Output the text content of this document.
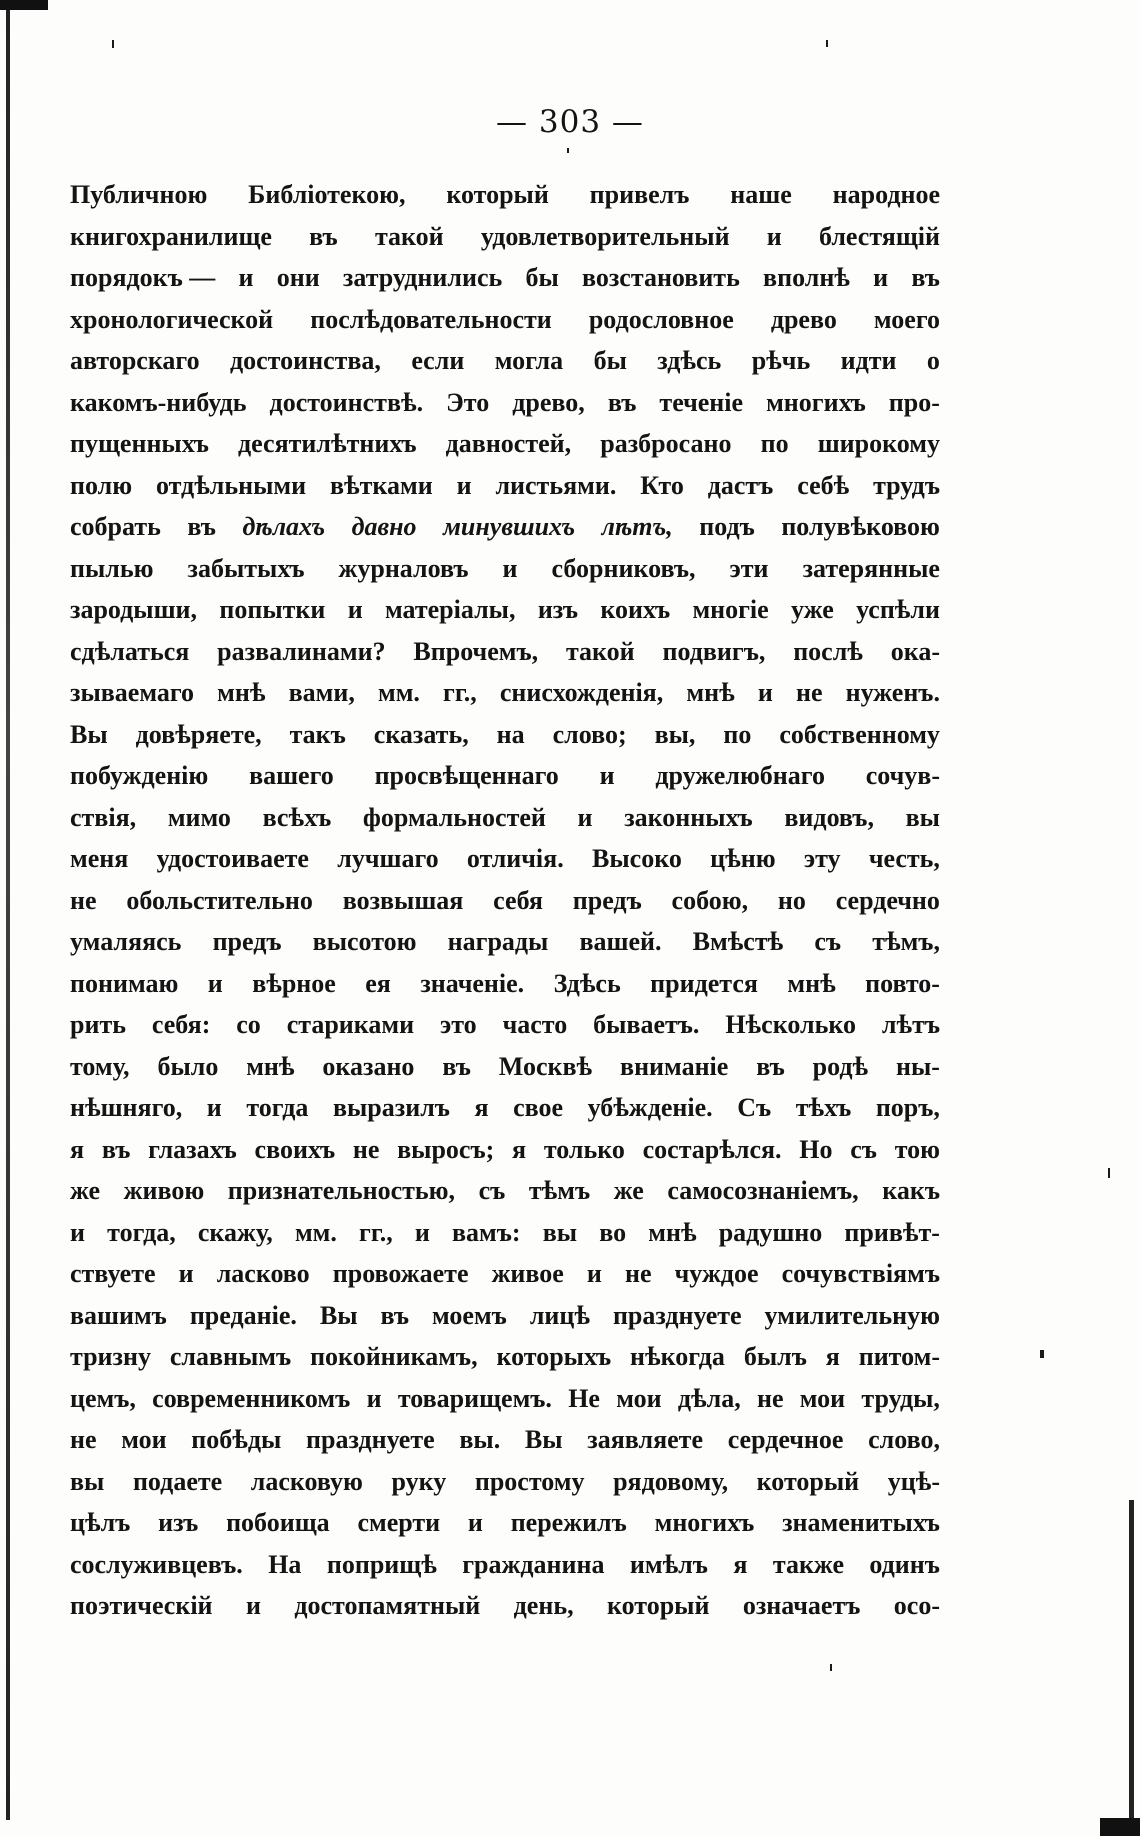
— 303 —
Публичною Библіотекою, который привелъ наше народное
книгохранилище въ такой удовлетворительный и блестящій
порядокъ — и они затруднились бы возстановить вполнѣ и въ
хронологической послѣдовательности родословное древо моего
авторскаго достоинства, если могла бы здѣсь рѣчь идти о
какомъ-нибудь достоинствѣ. Это древо, въ теченіе многихъ про-
пущенныхъ десятилѣтнихъ давностей, разбросано по широкому
полю отдѣльными вѣтками и листьями. Кто дастъ себѣ трудъ
собрать въ дѣлахъ давно минувшихъ лѣтъ, подъ полувѣковою
пылью забытыхъ журналовъ и сборниковъ, эти затерянные
зародыши, попытки и матеріалы, изъ коихъ многіе уже успѣли
сдѣлаться развалинами? Впрочемъ, такой подвигъ, послѣ ока-
зываемаго мнѣ вами, мм. гг., снисхожденія, мнѣ и не нуженъ.
Вы довѣряете, такъ сказать, на слово; вы, по собственному
побужденію вашего просвѣщеннаго и дружелюбнаго сочув-
ствія, мимо всѣхъ формальностей и законныхъ видовъ, вы
меня удостоиваете лучшаго отличія. Высоко цѣню эту честь,
не обольстительно возвышая себя предъ собою, но сердечно
умаляясь предъ высотою награды вашей. Вмѣстѣ съ тѣмъ,
понимаю и вѣрное ея значеніе. Здѣсь придется мнѣ повто-
рить себя: со стариками это часто бываетъ. Нѣсколько лѣтъ
тому, было мнѣ оказано въ Москвѣ вниманіе въ родѣ ны-
нѣшняго, и тогда выразилъ я свое убѣжденіе. Съ тѣхъ поръ,
я въ глазахъ своихъ не выросъ; я только состарѣлся. Но съ тою
же живою признательностью, съ тѣмъ же самосознаніемъ, какъ
и тогда, скажу, мм. гг., и вамъ: вы во мнѣ радушно привѣт-
ствуете и ласково провожаете живое и не чуждое сочувствіямъ
вашимъ преданіе. Вы въ моемъ лицѣ празднуете умилительную
тризну славнымъ покойникамъ, которыхъ нѣкогда былъ я питом-
цемъ, современникомъ и товарищемъ. Не мои дѣла, не мои труды,
не мои побѣды празднуете вы. Вы заявляете сердечное слово,
вы подаете ласковую руку простому рядовому, который уцѣ-
цѣлъ изъ побоища смерти и пережилъ многихъ знаменитыхъ
сослуживцевъ. На поприщѣ гражданина имѣлъ я также одинъ
поэтическій и достопамятный день, который означаетъ осо-
